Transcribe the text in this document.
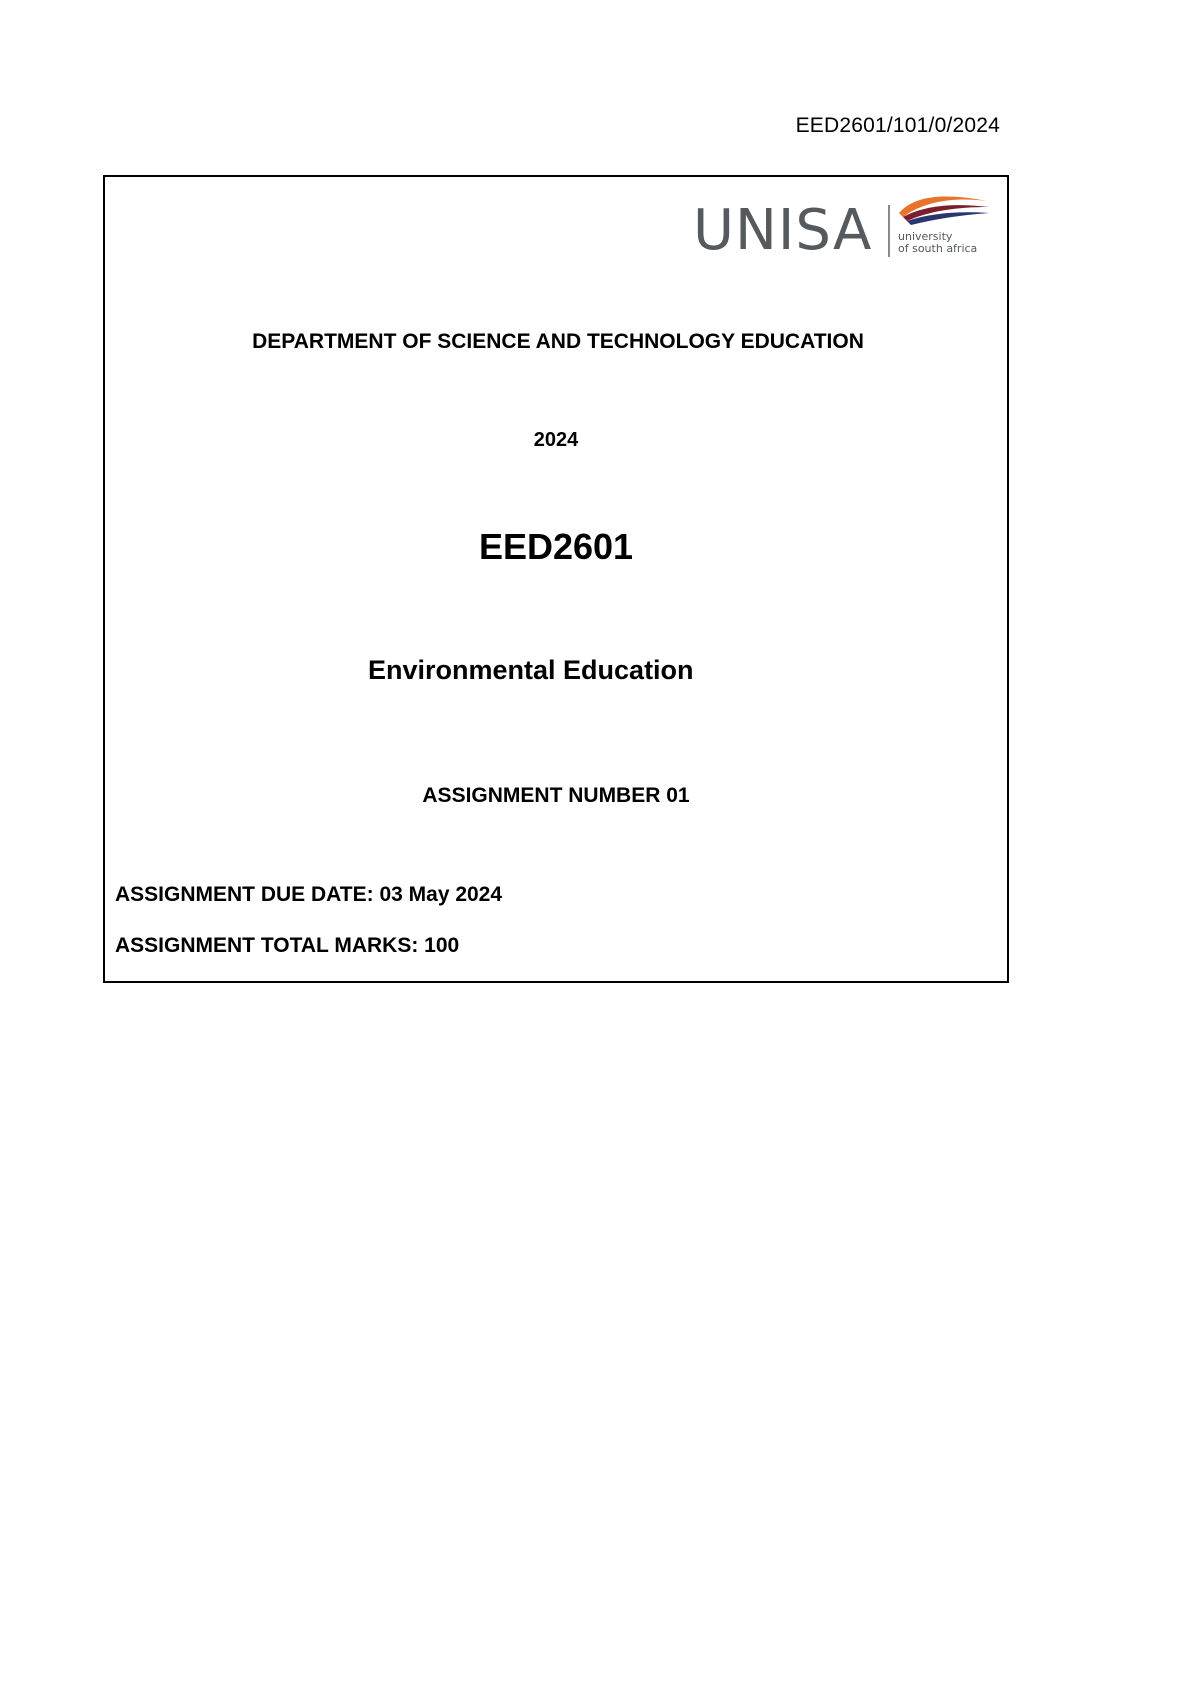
EED2601/101/0/2024
UNISA university
of south africa
DEPARTMENT OF SCIENCE AND TECHNOLOGY EDUCATION
2024
EED2601
Environmental Education
ASSIGNMENT NUMBER 01
ASSIGNMENT DUE DATE: 03 May 2024
ASSIGNMENT TOTAL MARKS: 100
